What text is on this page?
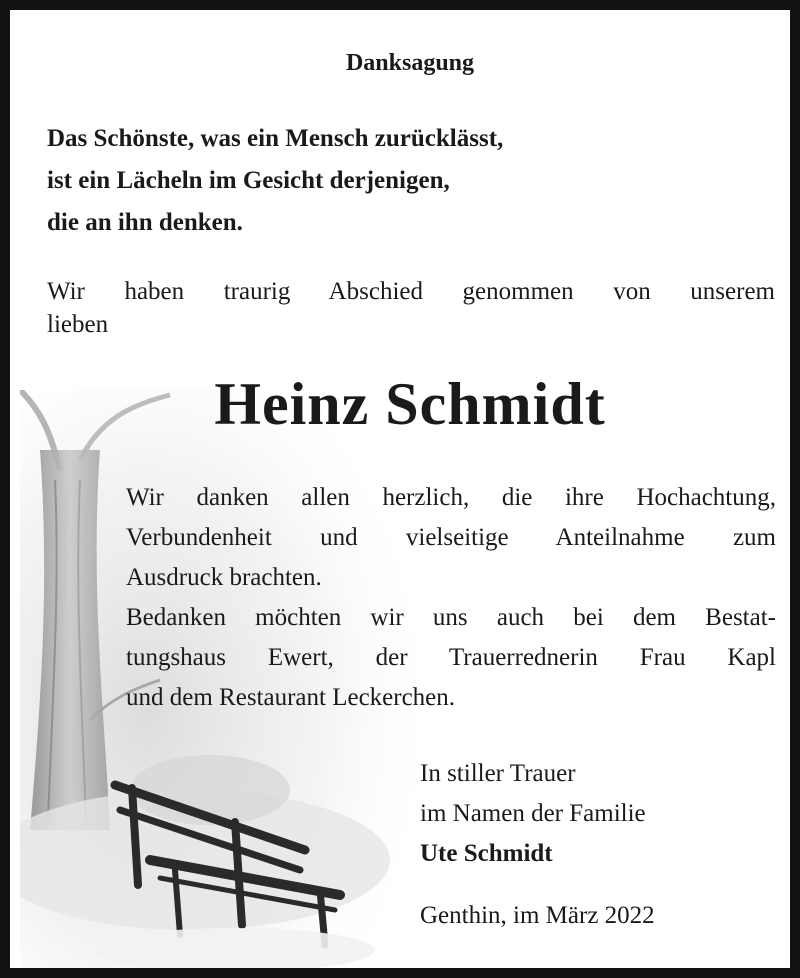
Danksagung
Das Schönste, was ein Mensch zurücklässt,
ist ein Lächeln im Gesicht derjenigen,
die an ihn denken.
Wir haben traurig Abschied genommen von unserem
lieben
Heinz Schmidt
Wir danken allen herzlich, die ihre Hochachtung,
Verbundenheit und vielseitige Anteilnahme zum
Ausdruck brachten.
Bedanken möchten wir uns auch bei dem Bestat-
tungshaus Ewert, der Trauerrednerin Frau Kapl
und dem Restaurant Leckerchen.
In stiller Trauer
im Namen der Familie
Ute Schmidt
Genthin, im März 2022
